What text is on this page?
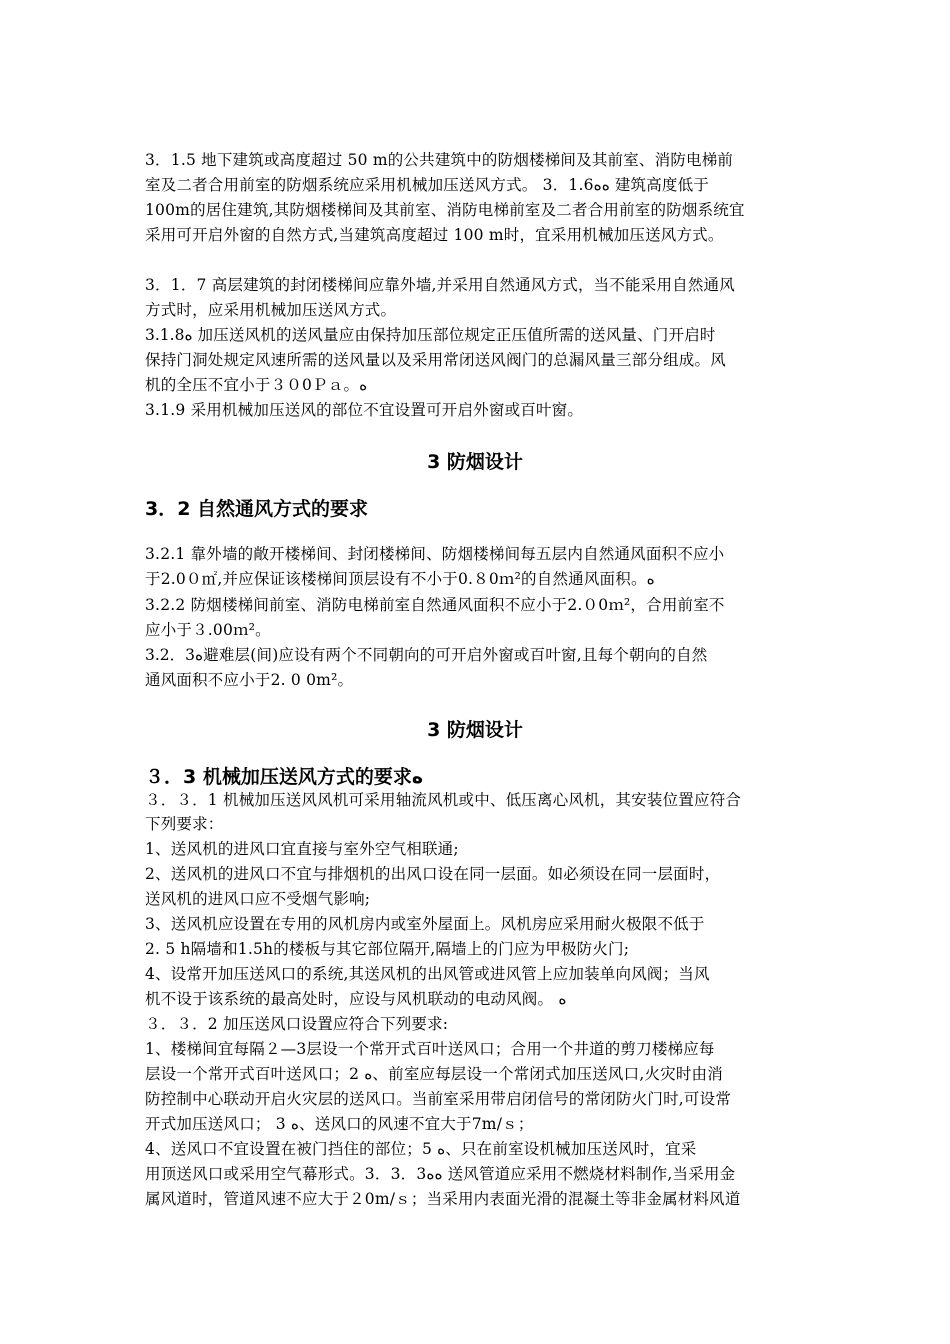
3．1.5 地下建筑或高度超过 50 m的公共建筑中的防烟楼梯间及其前室、消防电梯前
室及二者合用前室的防烟系统应采用机械加压送风方式。 3．1.6ﻩﻩ 建筑高度低于
100m的居住建筑,其防烟楼梯间及其前室、消防电梯前室及二者合用前室的防烟系统宜
采用可开启外窗的自然方式,当建筑高度超过 100 m时，宜采用机械加压送风方式。
3．1．7 高层建筑的封闭楼梯间应靠外墙,并采用自然通风方式，当不能采用自然通风
方式时，应采用机械加压送风方式。
3.1.8ﻩ 加压送风机的送风量应由保持加压部位规定正压值所需的送风量、门开启时
保持门洞处规定风速所需的送风量以及采用常闭送风阀门的总漏风量三部分组成。风
机的全压不宜小于３０0Ｐａ。ﻩ
3.1.9 采用机械加压送风的部位不宜设置可开启外窗或百叶窗。
3 防烟设计
3．2 自然通风方式的要求
3.2.1 靠外墙的敞开楼梯间、封闭楼梯间、防烟楼梯间每五层内自然通风面积不应小
于2.0０㎡,并应保证该楼梯间顶层设有不小于0.８0ｍ²的自然通风面积。ﻩ
3.2.2 防烟楼梯间前室、消防电梯前室自然通风面积不应小于2.０0ｍ²，合用前室不
应小于３.00ｍ²。
3.2．3ﻩ避难层(间)应设有两个不同朝向的可开启外窗或百叶窗,且每个朝向的自然
通风面积不应小于2. 0 0m²。
3 防烟设计
３．3 机械加压送风方式的要求ﻩ
３．３．1 机械加压送风风机可采用轴流风机或中、低压离心风机，其安装位置应符合
下列要求：
1、送风机的进风口宜直接与室外空气相联通;
2、送风机的进风口不宜与排烟机的出风口设在同一层面。如必须设在同一层面时，
送风机的进风口应不受烟气影响;
3、送风机应设置在专用的风机房内或室外屋面上。风机房应采用耐火极限不低于
2. 5 h隔墙和1.5h的楼板与其它部位隔开,隔墙上的门应为甲极防火门;
4、设常开加压送风口的系统,其送风机的出风管或进风管上应加装单向风阀；当风
机不设于该系统的最高处时，应设与风机联动的电动风阀。 ﻩ
３．３．2 加压送风口设置应符合下列要求:
1、楼梯间宜每隔２—3层设一个常开式百叶送风口；合用一个井道的剪刀楼梯应每
层设一个常开式百叶送风口；2 ﻩ、前室应每层设一个常闭式加压送风口,火灾时由消
防控制中心联动开启火灾层的送风口。当前室采用带启闭信号的常闭防火门时,可设常
开式加压送风口； 3 ﻩ、送风口的风速不宜大于7m/ｓ；
4、送风口不宜设置在被门挡住的部位；5 ﻩ、只在前室设机械加压送风时，宜采
用顶送风口或采用空气幕形式。3．3．3ﻩﻩ 送风管道应采用不燃烧材料制作,当采用金
属风道时，管道风速不应大于２0m/ｓ；当采用内表面光滑的混凝土等非金属材料风道
